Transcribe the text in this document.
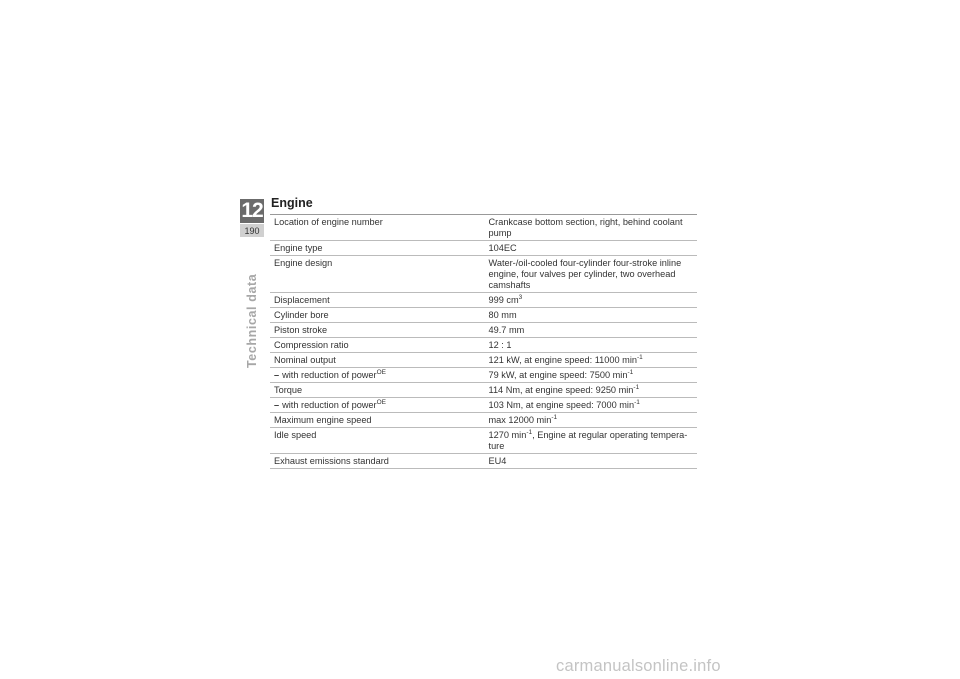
12
190
Technical data
Engine
Location of engine number	Crankcase bottom section, right, behind coolant pump
Engine type	104EC
Engine design	Water-/oil-cooled four-cylinder four-stroke inline engine, four valves per cylinder, two overhead camshafts
Displacement	999 $cm^3$
Cylinder bore	80 mm
Piston stroke	49.7 mm
Compression ratio	12 : 1
Nominal output	121 kW, at engine speed: 11000 $\min^{-1}$
– with reduction of power$^{OE}$	79 kW, at engine speed: 7500 $\min^{-1}$
Torque	114 Nm, at engine speed: 9250 $\min^{-1}$
– with reduction of power$^{OE}$	103 Nm, at engine speed: 7000 $\min^{-1}$
Maximum engine speed	max 12000 $\min^{-1}$
Idle speed	1270 $\min^{-1}$, Engine at regular operating tempera- ture
Exhaust emissions standard	EU4
carmanualsonline.info
